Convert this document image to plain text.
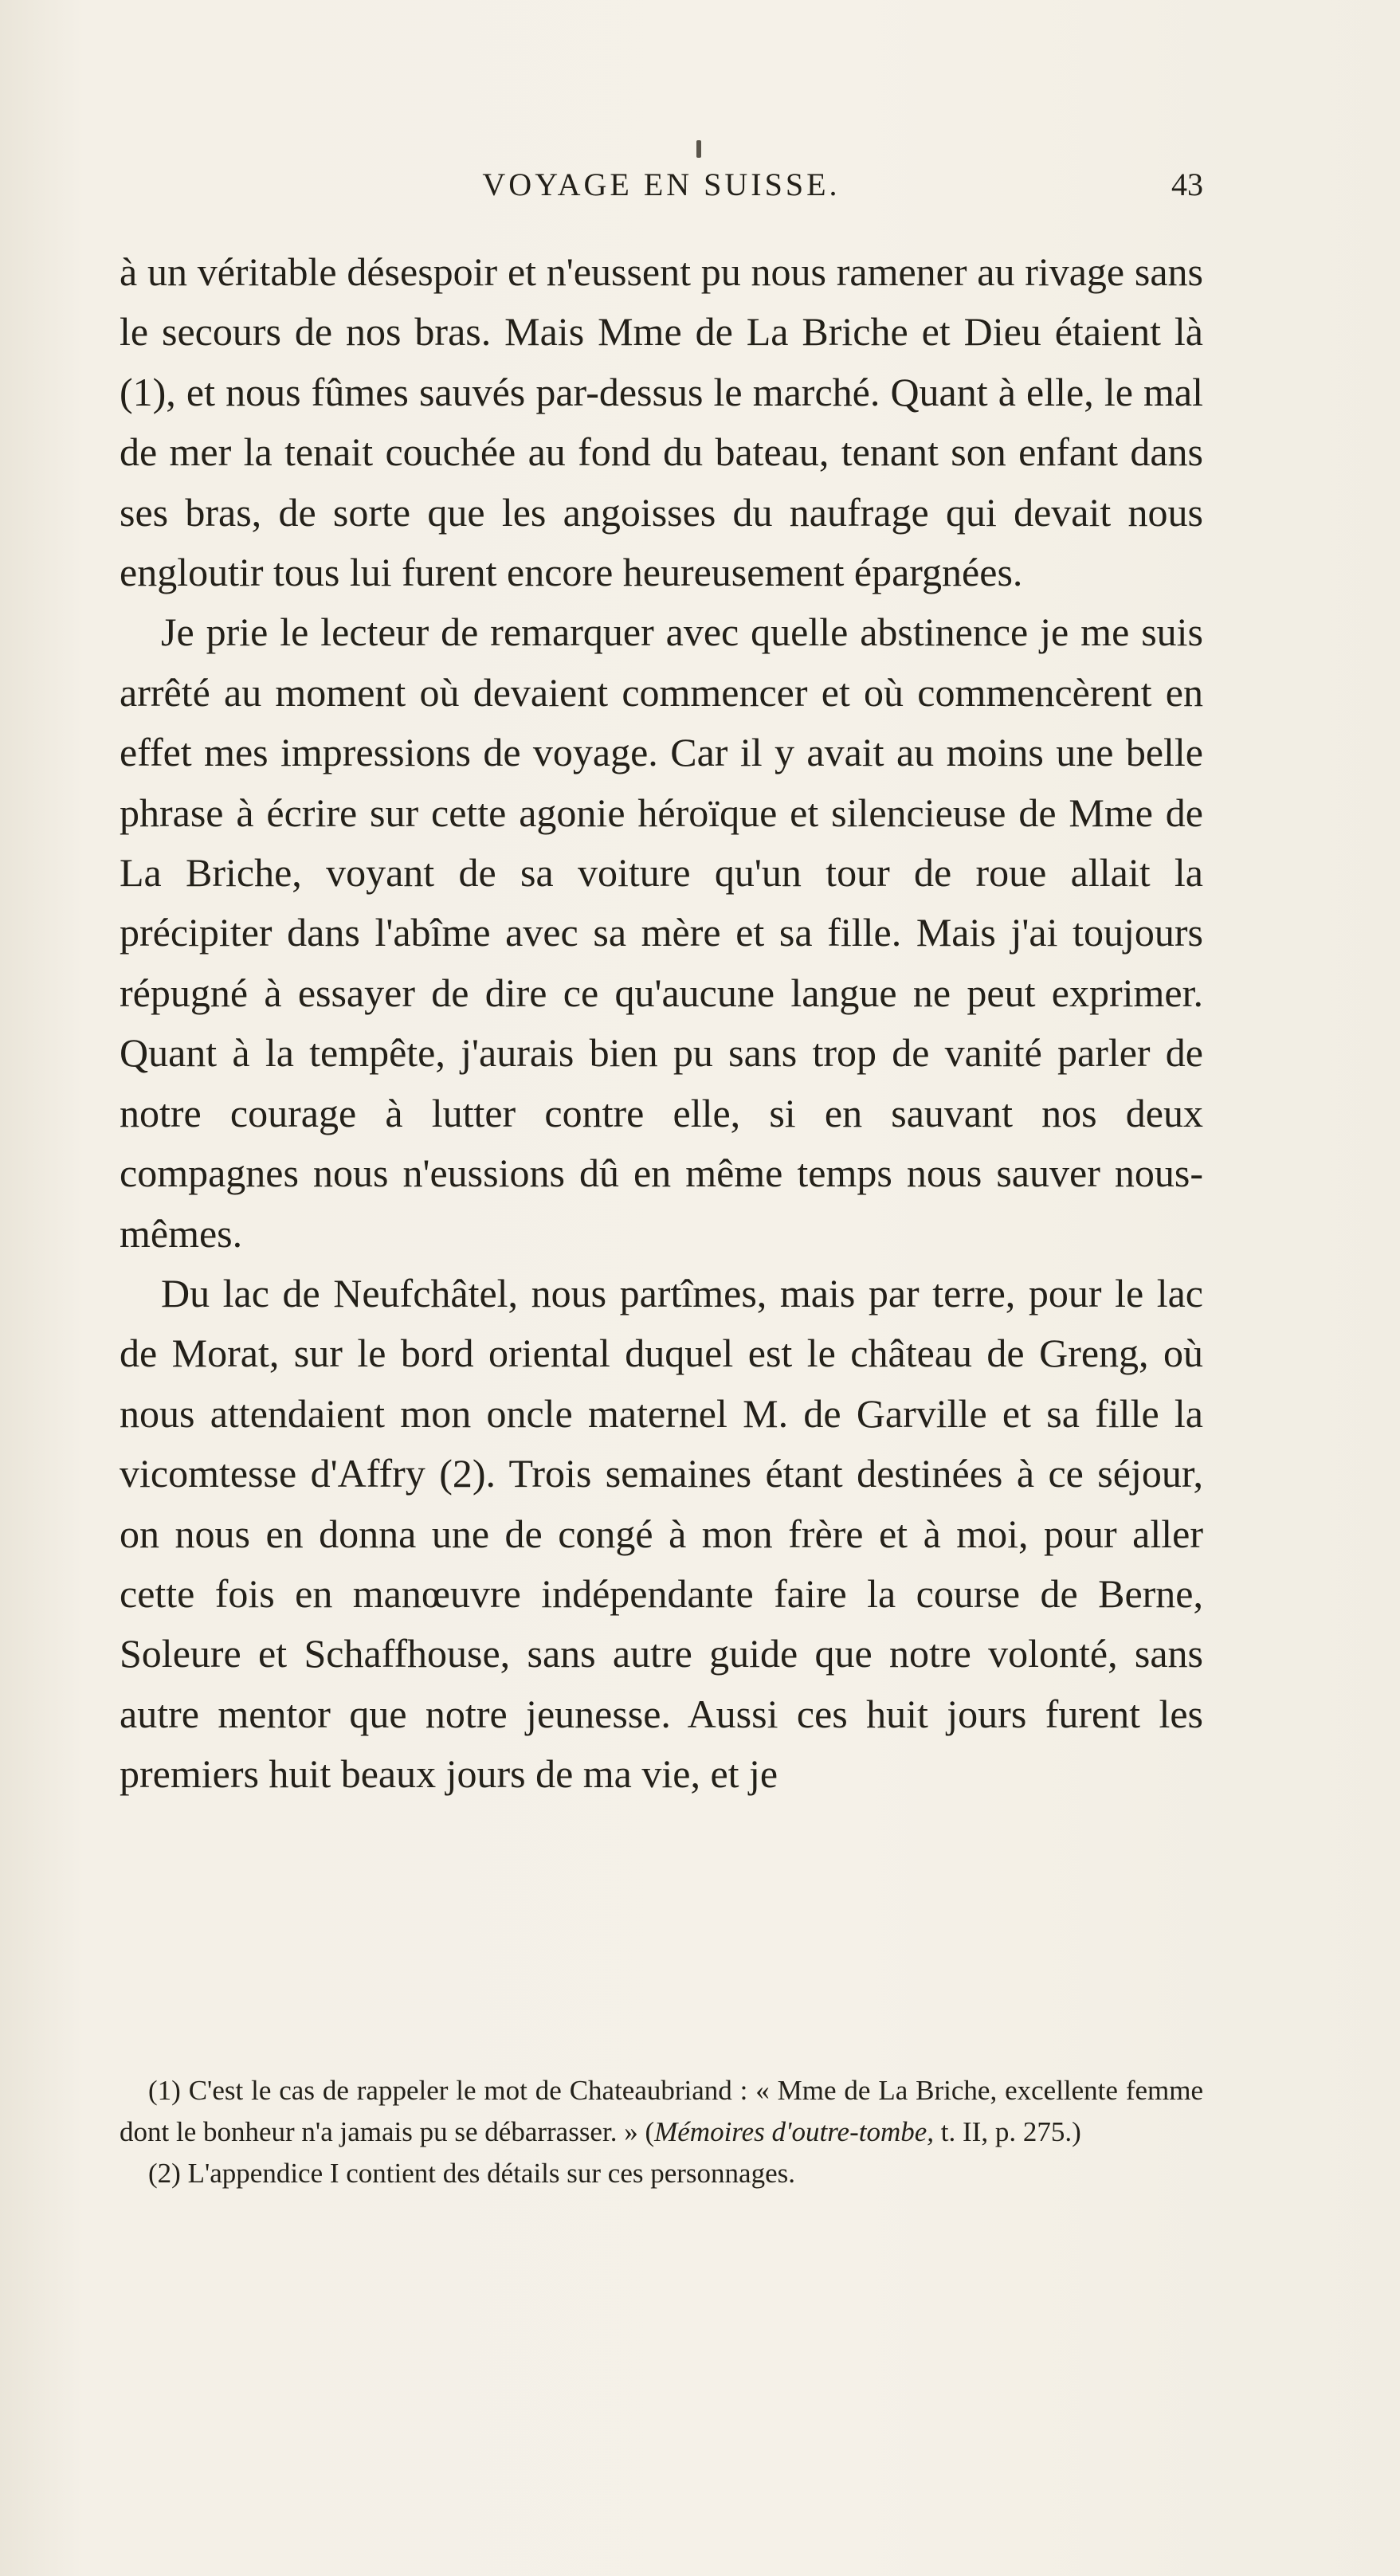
VOYAGE EN SUISSE.	43

à un véritable désespoir et n'eussent pu nous ramener au rivage sans le secours de nos bras. Mais Mme de La Briche et Dieu étaient là (1), et nous fûmes sauvés par-dessus le marché. Quant à elle, le mal de mer la tenait couchée au fond du bateau, tenant son enfant dans ses bras, de sorte que les angoisses du naufrage qui devait nous engloutir tous lui furent encore heureusement épargnées.

Je prie le lecteur de remarquer avec quelle abstinence je me suis arrêté au moment où devaient commencer et où commencèrent en effet mes impressions de voyage. Car il y avait au moins une belle phrase à écrire sur cette agonie héroïque et silencieuse de Mme de La Briche, voyant de sa voiture qu'un tour de roue allait la précipiter dans l'abîme avec sa mère et sa fille. Mais j'ai toujours répugné à essayer de dire ce qu'aucune langue ne peut exprimer. Quant à la tempête, j'aurais bien pu sans trop de vanité parler de notre courage à lutter contre elle, si en sauvant nos deux compagnes nous n'eussions dû en même temps nous sauver nous-mêmes.

Du lac de Neufchâtel, nous partîmes, mais par terre, pour le lac de Morat, sur le bord oriental duquel est le château de Greng, où nous attendaient mon oncle maternel M. de Garville et sa fille la vicomtesse d'Affry (2). Trois semaines étant destinées à ce séjour, on nous en donna une de congé à mon frère et à moi, pour aller cette fois en manœuvre indépendante faire la course de Berne, Soleure et Schaffhouse, sans autre guide que notre volonté, sans autre mentor que notre jeunesse. Aussi ces huit jours furent les premiers huit beaux jours de ma vie, et je

(1) C'est le cas de rappeler le mot de Chateaubriand : « Mme de La Briche, excellente femme dont le bonheur n'a jamais pu se débarrasser. » (Mémoires d'outre-tombe, t. II, p. 275.)

(2) L'appendice I contient des détails sur ces personnages.
